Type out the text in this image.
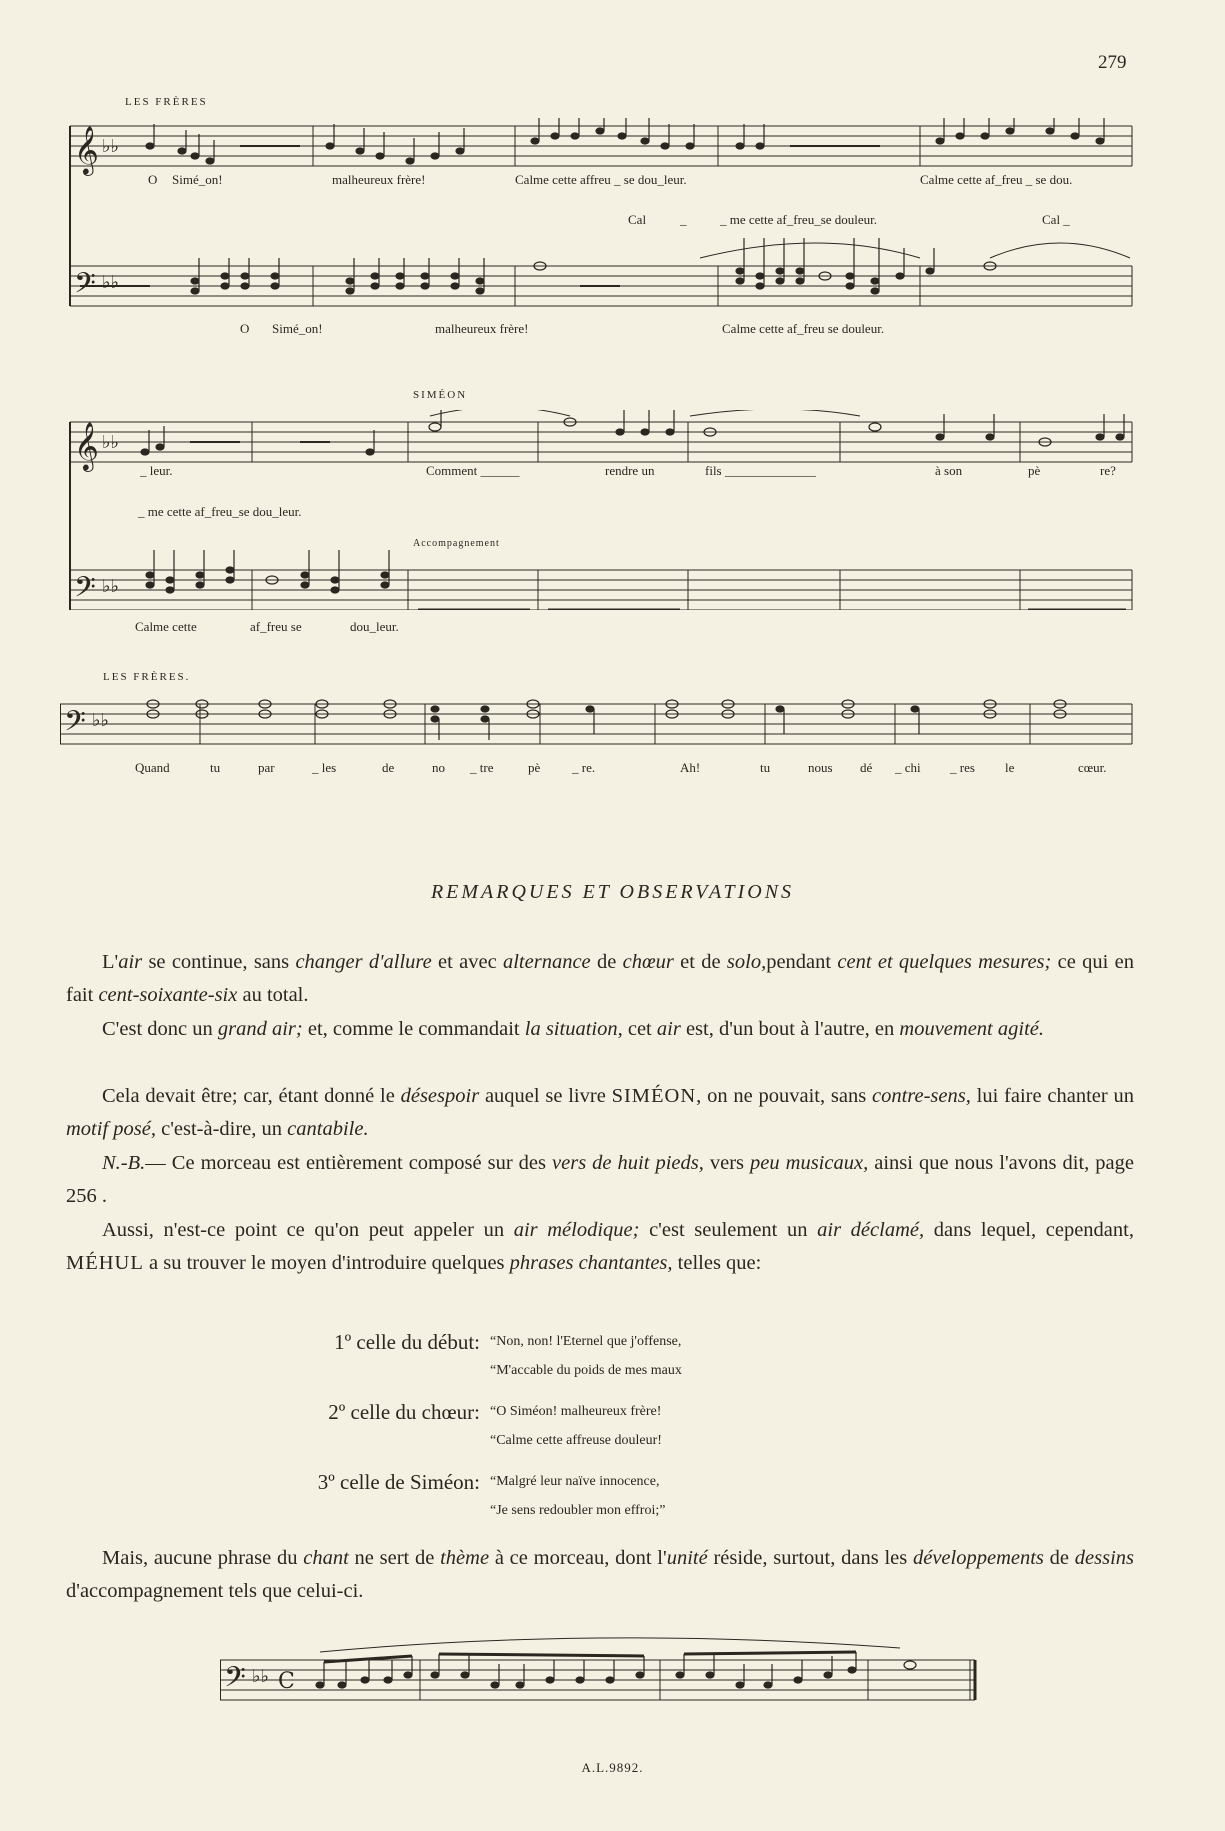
279
LES FRÈRES
𝄞 ♭♭
𝄢 ♭♭
O Simé_on!	malheureux frère!	Calme cette affreu _ se dou_leur.	Calme cette af_freu _ se dou.
Cal	_	_ me cette af_freu_se douleur.	Cal _
O Simé_on!	malheureux frère!	Calme cette af_freu se douleur.
SIMÉON
𝄞 ♭♭
𝄢 ♭♭
_ leur.	Comment ______	rendre un	fils ______________	à son	pè	re?
_ me cette af_freu_se dou_leur.
Accompagnement
Calme cette	af_freu se	dou_leur.
LES FRÈRES.
𝄢 ♭♭
Quand	tu	par	_ les	de	no _ tre	pè _ re.	Ah!	tu	nous dé _ chi _ res le	cœur.
REMARQUES ET OBSERVATIONS
L'air se continue, sans changer d'allure et avec alternance de chœur et de solo,pendant cent et quelques mesures; ce qui en fait cent-soixante-six au total.
C'est donc un grand air; et, comme le commandait la situation, cet air est, d'un bout à l'autre, en mouvement agité.
Cela devait être; car, étant donné le désespoir auquel se livre SIMÉON, on ne pouvait, sans contre-sens, lui faire chanter un motif posé, c'est-à-dire, un cantabile.
N.-B.— Ce morceau est entièrement composé sur des vers de huit pieds, vers peu musicaux, ainsi que nous l'avons dit, page 256 .
Aussi, n'est-ce point ce qu'on peut appeler un air mélodique; c'est seulement un air déclamé, dans lequel, cependant, MÉHUL a su trouver le moyen d'introduire quelques phrases chantantes, telles que:
1º celle du début: “Non, non! l'Eternel que j'offense,
“M'accable du poids de mes maux
2º celle du chœur: “O Siméon! malheureux frère!
“Calme cette affreuse douleur!
3º celle de Siméon: “Malgré leur naïve innocence,
“Je sens redoubler mon effroi;”
Mais, aucune phrase du chant ne sert de thème à ce morceau, dont l'unité réside, surtout, dans les développements de dessins d'accompagnement tels que celui-ci.
𝄢 ♭♭ C
A.L.9892.
